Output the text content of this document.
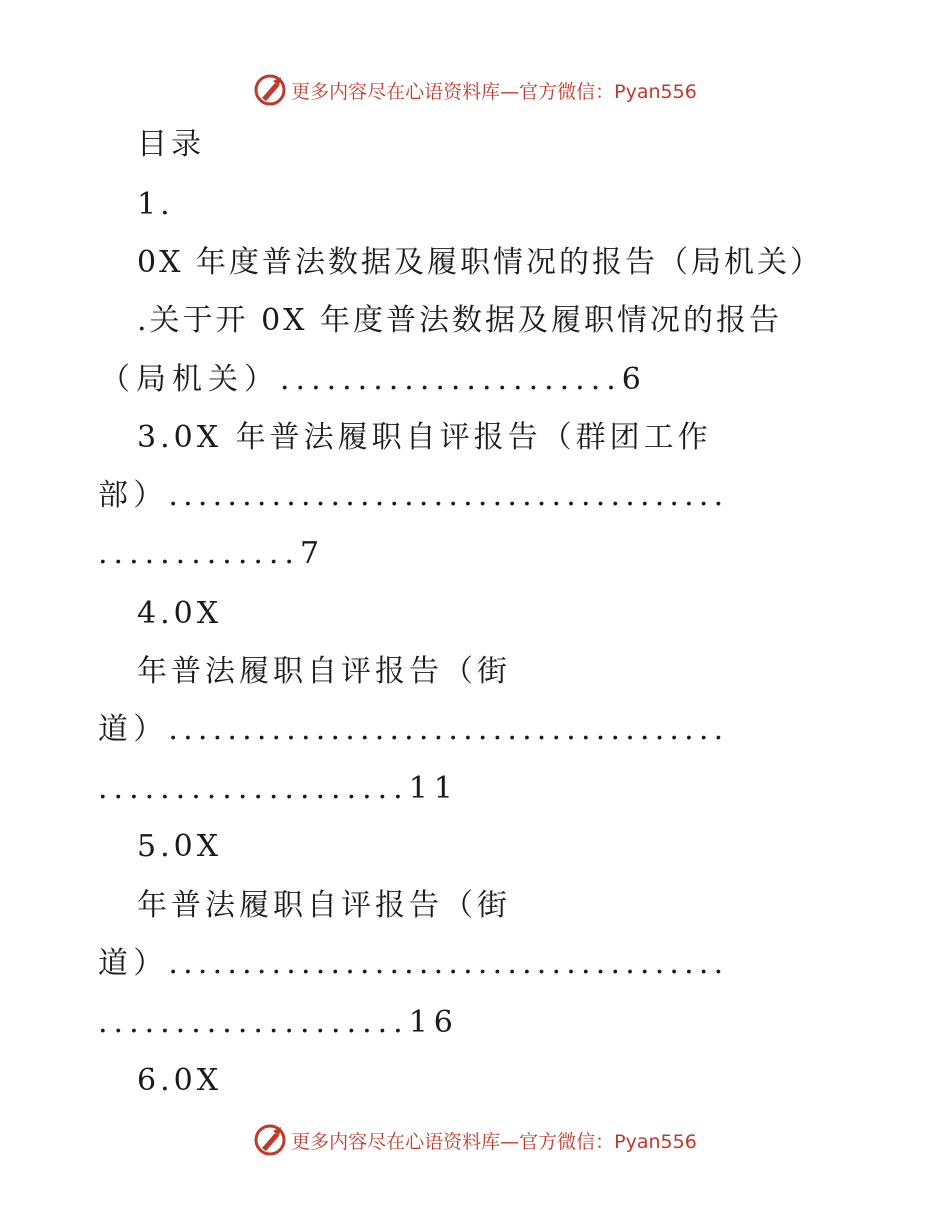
更多内容尽在心语资料库—官方微信：Pyan556
目录
1.
0X 年度普法数据及履职情况的报告（局机关）
.关于开 0X 年度普法数据及履职情况的报告
（局机关）......................6
3.0X 年普法履职自评报告（群团工作
部）......................................
.............7
4.0X
年普法履职自评报告（街
道）......................................
....................11
5.0X
年普法履职自评报告（街
道）......................................
....................16
6.0X
更多内容尽在心语资料库—官方微信：Pyan556
